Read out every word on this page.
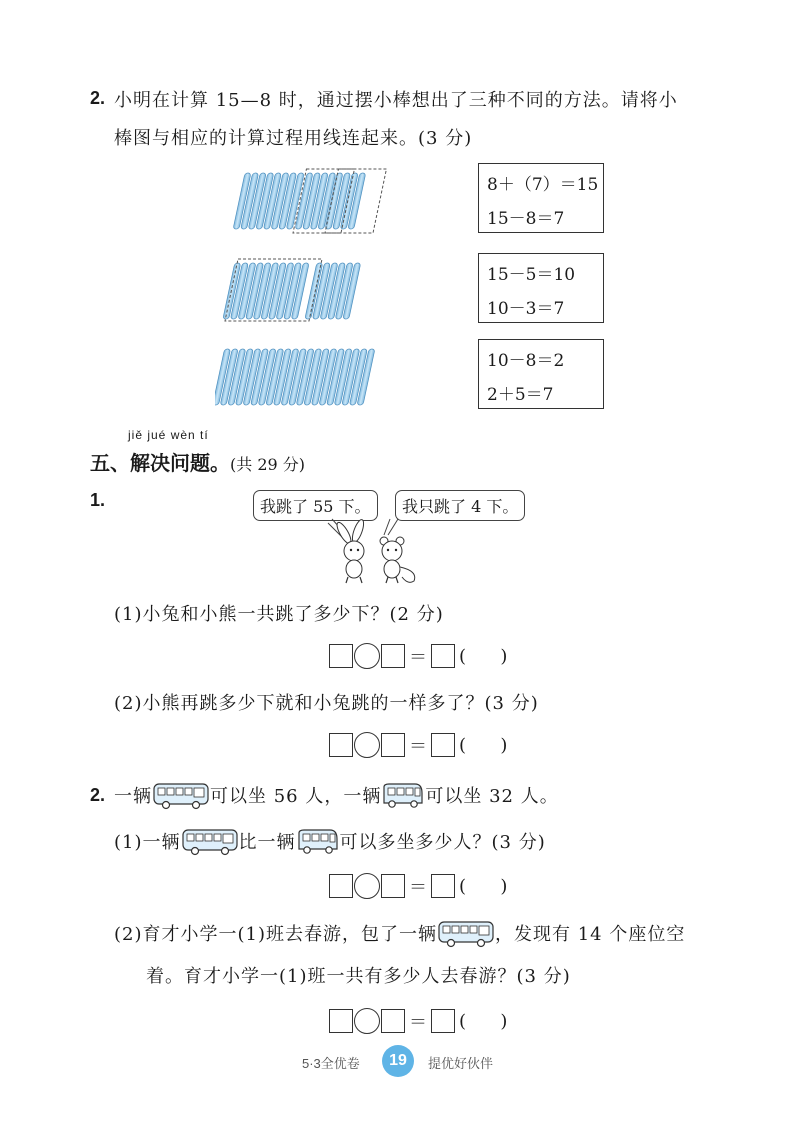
2. 小明在计算 15—8 时，通过摆小棒想出了三种不同的方法。请将小
棒图与相应的计算过程用线连起来。(3 分)
8＋（7）＝15
15－8＝7
15－5＝10
10－3＝7
10－8＝2
2＋5＝7
jiě jué wèn tí
五、解决问题。(共 29 分)
1.	我跳了 55 下。	我只跳了 4 下。
(1)小兔和小熊一共跳了多少下？(2 分)
＝ (      )
(2)小熊再跳多少下就和小兔跳的一样多了？(3 分)
＝ (      )
2. 一辆	可以坐 56 人，一辆 可以坐 32 人。
(1)一辆	比一辆 可以多坐多少人？(3 分)
＝ (      )
(2)育才小学一(1)班去春游，包了一辆	，发现有 14 个座位空
着。育才小学一(1)班一共有多少人去春游？(3 分)
＝ (      )
5·3全优卷	19	提优好伙伴
